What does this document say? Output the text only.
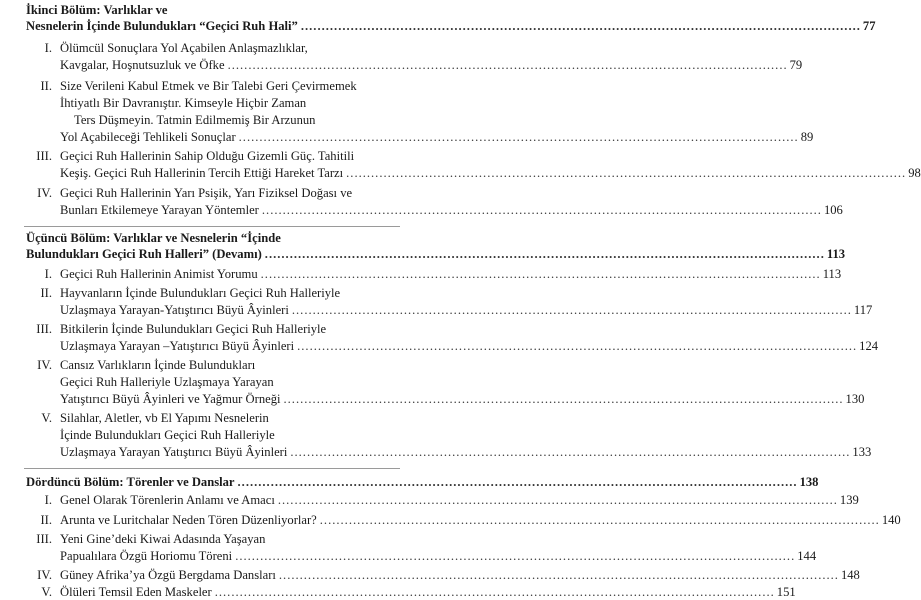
İkinci Bölüm: Varlıklar ve
Nesnelerin İçinde Bulundukları “Geçici Ruh Hali” ....................................................................................................................................... 77
I. Ölümcül Sonuçlara Yol Açabilen Anlaşmazlıklar,
Kavgalar, Hoşnutsuzluk ve Öfke ....................................................................................................................................... 79
II. Size Verileni Kabul Etmek ve Bir Talebi Geri Çevirmemek
İhtiyatlı Bir Davranıştır. Kimseyle Hiçbir Zaman
Ters Düşmeyin. Tatmin Edilmemiş Bir Arzunun
Yol Açabileceği Tehlikeli Sonuçlar ....................................................................................................................................... 89
III. Geçici Ruh Hallerinin Sahip Olduğu Gizemli Güç. Tahitili
Keşiş. Geçici Ruh Hallerinin Tercih Ettiği Hareket Tarzı ....................................................................................................................................... 98
IV. Geçici Ruh Hallerinin Yarı Psişik, Yarı Fiziksel Doğası ve
Bunları Etkilemeye Yarayan Yöntemler ....................................................................................................................................... 106
Üçüncü Bölüm: Varlıklar ve Nesnelerin “İçinde
Bulundukları Geçici Ruh Halleri” (Devamı) ....................................................................................................................................... 113
I. Geçici Ruh Hallerinin Animist Yorumu ....................................................................................................................................... 113
II. Hayvanların İçinde Bulundukları Geçici Ruh Halleriyle
Uzlaşmaya Yarayan-Yatıştırıcı Büyü Âyinleri ....................................................................................................................................... 117
III. Bitkilerin İçinde Bulundukları Geçici Ruh Halleriyle
Uzlaşmaya Yarayan –Yatıştırıcı Büyü Âyinleri ....................................................................................................................................... 124
IV. Cansız Varlıkların İçinde Bulundukları
Geçici Ruh Halleriyle Uzlaşmaya Yarayan
Yatıştırıcı Büyü Âyinleri ve Yağmur Örneği ....................................................................................................................................... 130
V. Silahlar, Aletler, vb El Yapımı Nesnelerin
İçinde Bulundukları Geçici Ruh Halleriyle
Uzlaşmaya Yarayan Yatıştırıcı Büyü Âyinleri ....................................................................................................................................... 133
Dördüncü Bölüm: Törenler ve Danslar ....................................................................................................................................... 138
I. Genel Olarak Törenlerin Anlamı ve Amacı ....................................................................................................................................... 139
II. Arunta ve Luritchalar Neden Tören Düzenliyorlar? ....................................................................................................................................... 140
III. Yeni Gine’deki Kiwai Adasında Yaşayan
Papualılara Özgü Horiomu Töreni ....................................................................................................................................... 144
IV. Güney Afrika’ya Özgü Bergdama Dansları ....................................................................................................................................... 148
V. Ölüleri Temsil Eden Maskeler ....................................................................................................................................... 151
